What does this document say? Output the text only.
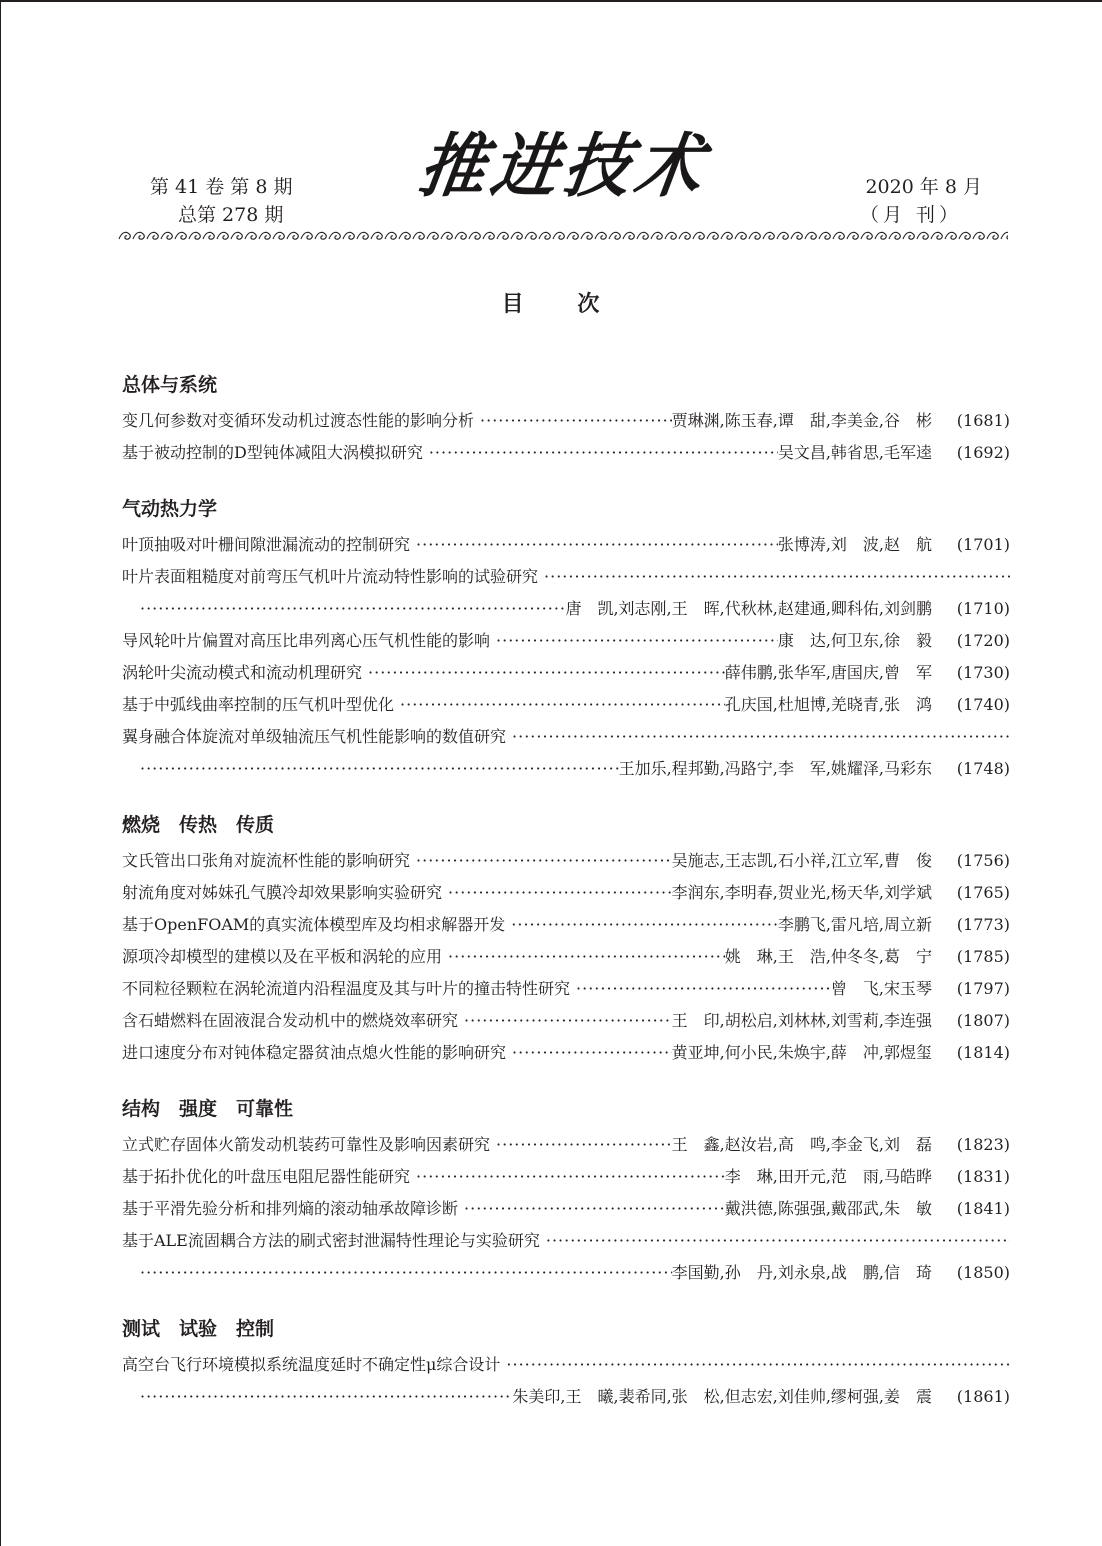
第 41 卷 第 8 期
总第 278 期
推进技术	2020 年 8 月
（月 刊）
目 次
总体与系统
变几何参数对变循环发动机过渡态性能的影响分析 ·····	贾琳渊,陈玉春,谭　甜,李美金,谷　彬	(1681)
基于被动控制的D型钝体减阻大涡模拟研究 ·····	吴文昌,韩省思,毛军逵	(1692)
气动热力学
叶顶抽吸对叶栅间隙泄漏流动的控制研究 ·····	张博涛,刘　波,赵　航	(1701)
叶片表面粗糙度对前弯压气机叶片流动特性影响的试验研究
·····
·····
唐　凯,刘志刚,王　晖,代秋林,赵建通,卿科佑,刘剑鹏	(1710)
导风轮叶片偏置对高压比串列离心压气机性能的影响 ·····	康　达,何卫东,徐　毅	(1720)
涡轮叶尖流动模式和流动机理研究 ·····	薛伟鹏,张华军,唐国庆,曾　军	(1730)
基于中弧线曲率控制的压气机叶型优化 ·····	孔庆国,杜旭博,羌晓青,张　鸿	(1740)
翼身融合体旋流对单级轴流压气机性能影响的数值研究
·····
·····
王加乐,程邦勤,冯路宁,李　军,姚耀泽,马彩东	(1748)
燃烧　传热　传质
文氏管出口张角对旋流杯性能的影响研究 ·····	吴施志,王志凯,石小祥,江立军,曹　俊	(1756)
射流角度对姊妹孔气膜冷却效果影响实验研究 ·····	李润东,李明春,贺业光,杨天华,刘学斌	(1765)
基于OpenFOAM的真实流体模型库及均相求解器开发 ·····	李鹏飞,雷凡培,周立新	(1773)
源项冷却模型的建模以及在平板和涡轮的应用 ·····	姚　琳,王　浩,仲冬冬,葛　宁	(1785)
不同粒径颗粒在涡轮流道内沿程温度及其与叶片的撞击特性研究 ·····	曾　飞,宋玉琴	(1797)
含石蜡燃料在固液混合发动机中的燃烧效率研究 ·····	王　印,胡松启,刘林林,刘雪莉,李连强	(1807)
进口速度分布对钝体稳定器贫油点熄火性能的影响研究 ·····	黄亚坤,何小民,朱焕宇,薛　冲,郭煜玺	(1814)
结构　强度　可靠性
立式贮存固体火箭发动机装药可靠性及影响因素研究 ·····	王　鑫,赵汝岩,高　鸣,李金飞,刘　磊	(1823)
基于拓扑优化的叶盘压电阻尼器性能研究 ·····	李　琳,田开元,范　雨,马皓晔	(1831)
基于平滑先验分析和排列熵的滚动轴承故障诊断 ·····	戴洪德,陈强强,戴邵武,朱　敏	(1841)
基于ALE流固耦合方法的刷式密封泄漏特性理论与实验研究
·····
·····
李国勤,孙　丹,刘永泉,战　鹏,信　琦	(1850)
测试　试验　控制
高空台飞行环境模拟系统温度延时不确定性μ综合设计
·····
·····
朱美印,王　曦,裴希同,张　松,但志宏,刘佳帅,缪柯强,姜　震	(1861)
